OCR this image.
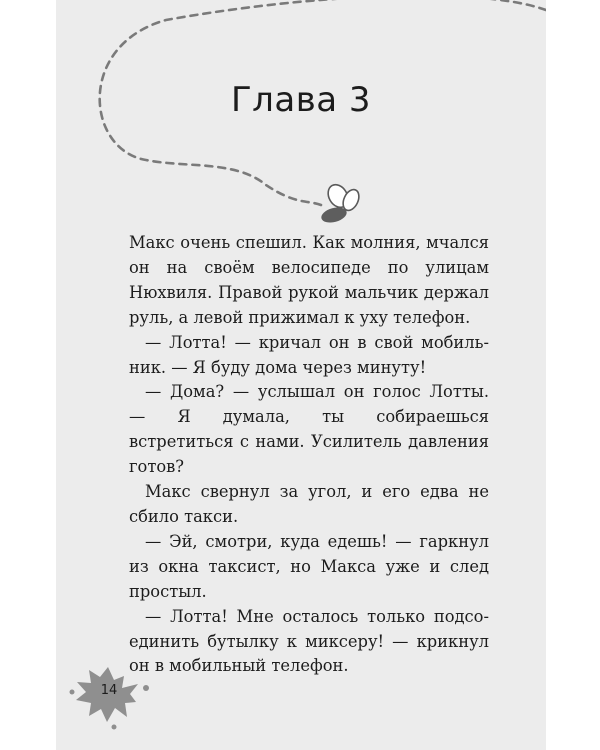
Глава 3

Макс очень спешил. Как молния, мчался он на своём велосипеде по улицам Нюхвиля. Правой рукой мальчик держал руль, а левой прижимал к уху телефон.

— Лотта! — кричал он в свой мобильник. — Я буду дома через минуту!

— Дома? — услышал он голос Лотты. — Я думала, ты собираешься встретиться с нами. Усилитель давления готов?

Макс свернул за угол, и его едва не сбило такси.

— Эй, смотри, куда едешь! — гаркнул из окна таксист, но Макса уже и след простыл.

— Лотта! Мне осталось только подсоединить бутылку к миксеру! — крикнул он в мобильный телефон.

14
